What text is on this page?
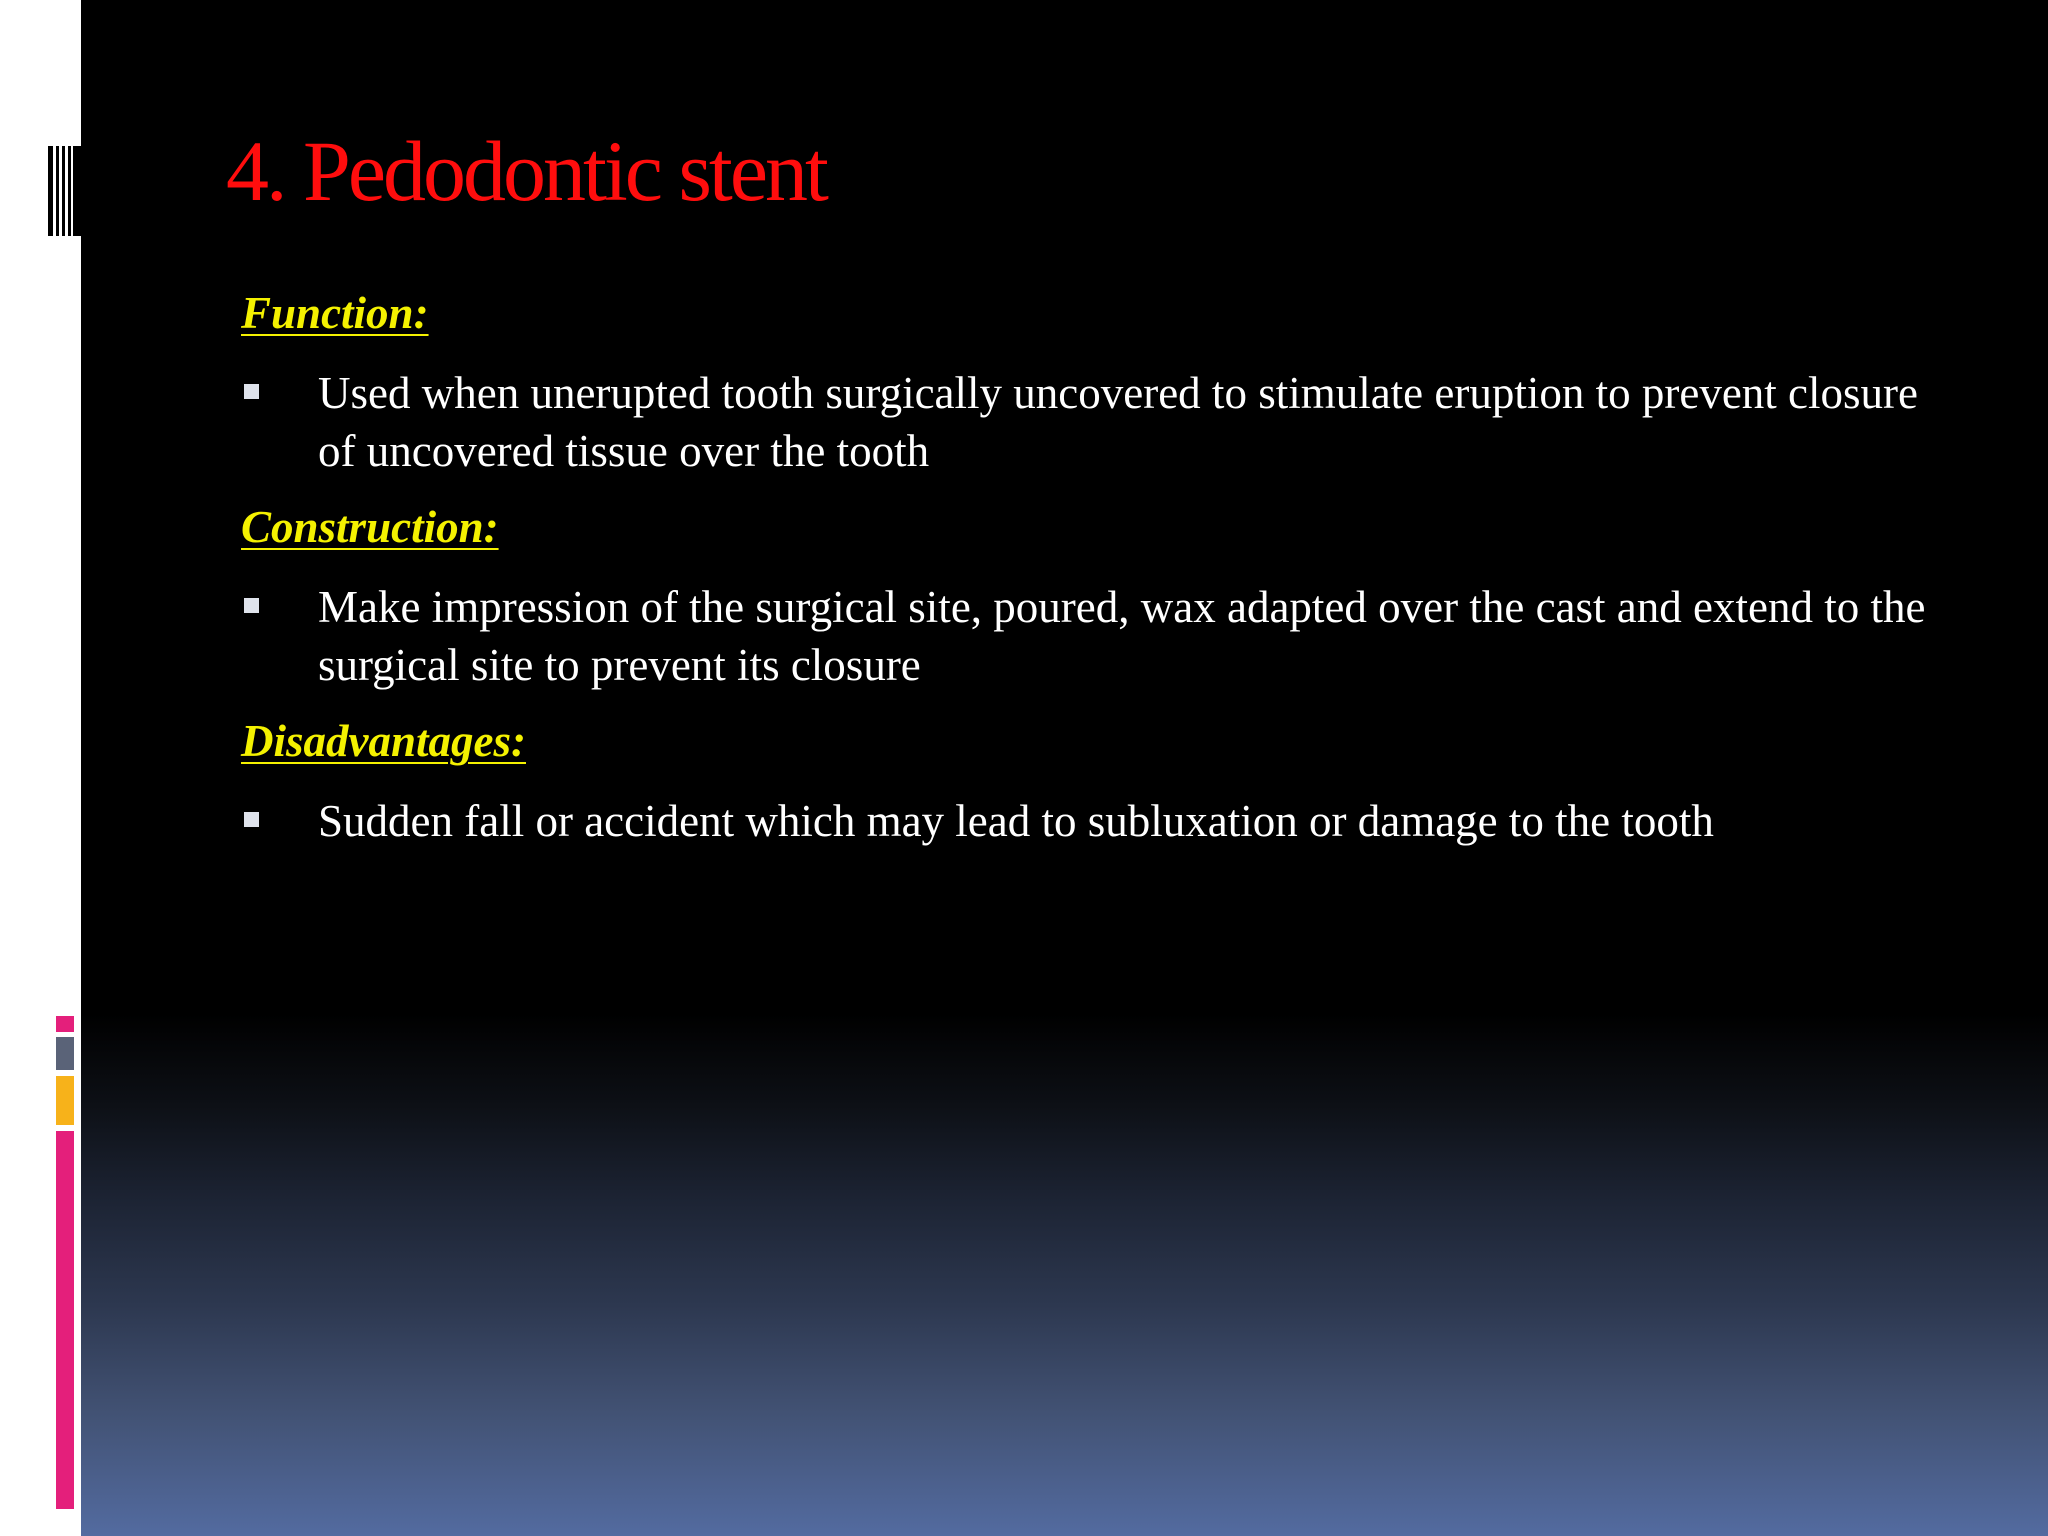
4. Pedodontic stent
Function:

Used when unerupted tooth surgically uncovered to stimulate eruption to prevent closure of uncovered tissue over the tooth

Construction:

Make impression of the surgical site, poured, wax adapted over the cast and extend to the surgical site to prevent its closure

Disadvantages:

Sudden fall or accident which may lead to subluxation or damage to the tooth
